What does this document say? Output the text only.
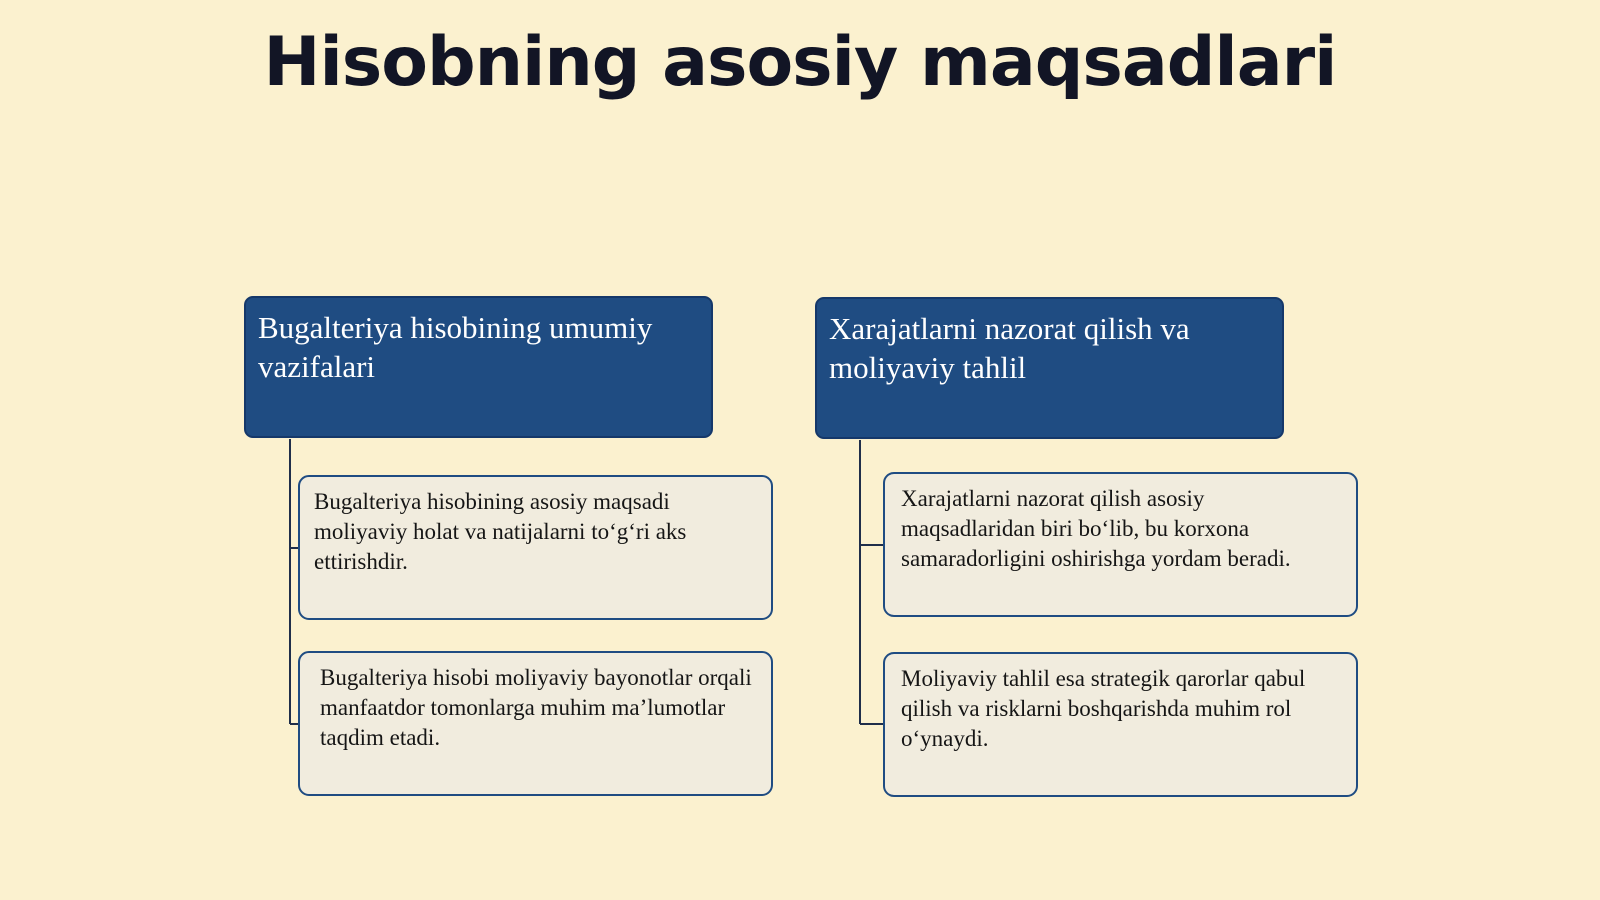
Hisobning asosiy maqsadlari
Bugalteriya hisobining umumiy vazifalari
Xarajatlarni nazorat qilish va moliyaviy tahlil
Bugalteriya hisobining asosiy maqsadi moliyaviy holat va natijalarni to‘g‘ri aks ettirishdir.
Bugalteriya hisobi moliyaviy bayonotlar orqali manfaatdor tomonlarga muhim ma’lumotlar taqdim etadi.
Xarajatlarni nazorat qilish asosiy maqsadlaridan biri bo‘lib, bu korxona samaradorligini oshirishga yordam beradi.
Moliyaviy tahlil esa strategik qarorlar qabul qilish va risklarni boshqarishda muhim rol o‘ynaydi.
